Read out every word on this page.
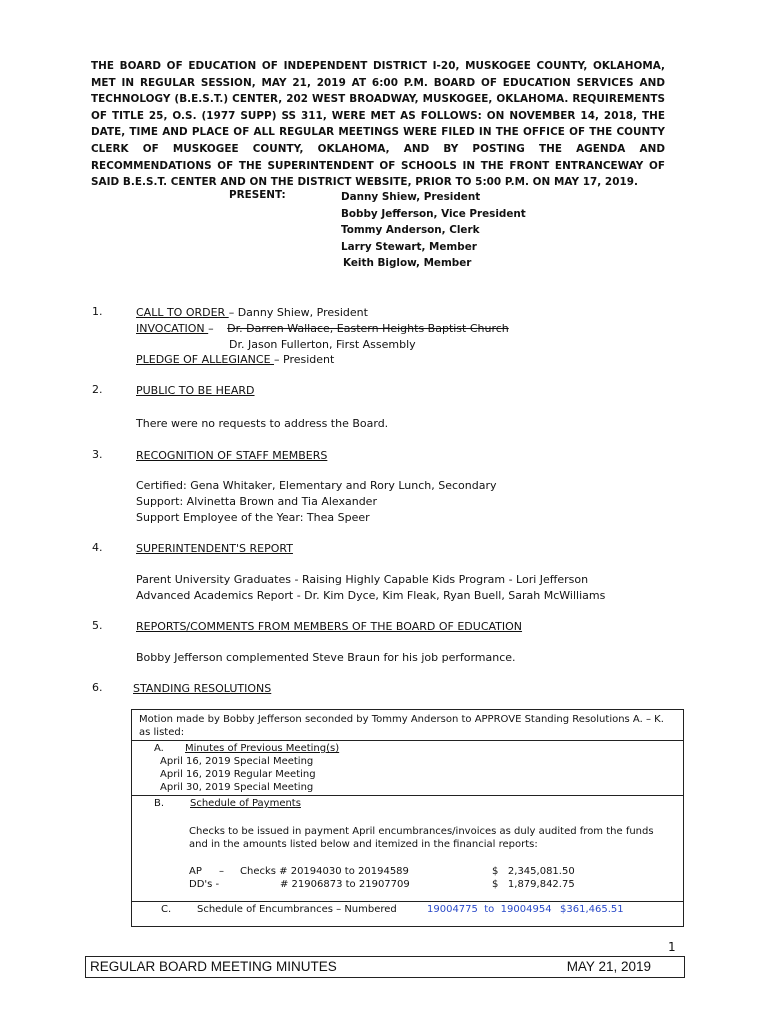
THE BOARD OF EDUCATION OF INDEPENDENT DISTRICT I-20, MUSKOGEE COUNTY, OKLAHOMA, MET IN REGULAR SESSION, MAY 21, 2019 AT 6:00 P.M. BOARD OF EDUCATION SERVICES AND TECHNOLOGY (B.E.S.T.) CENTER, 202 WEST BROADWAY, MUSKOGEE, OKLAHOMA. REQUIREMENTS OF TITLE 25, O.S. (1977 SUPP) SS 311, WERE MET AS FOLLOWS: ON NOVEMBER 14, 2018, THE DATE, TIME AND PLACE OF ALL REGULAR MEETINGS WERE FILED IN THE OFFICE OF THE COUNTY CLERK OF MUSKOGEE COUNTY, OKLAHOMA, AND BY POSTING THE AGENDA AND RECOMMENDATIONS OF THE SUPERINTENDENT OF SCHOOLS IN THE FRONT ENTRANCEWAY OF SAID B.E.S.T. CENTER AND ON THE DISTRICT WEBSITE, PRIOR TO 5:00 P.M. ON MAY 17, 2019.
PRESENT:	Danny Shiew, President
Bobby Jefferson, Vice President
Tommy Anderson, Clerk
Larry Stewart, Member
Keith Biglow, Member
1.	CALL TO ORDER – Danny Shiew, President
INVOCATION – Dr. Darren Wallace, Eastern Heights Baptist Church
Dr. Jason Fullerton, First Assembly
PLEDGE OF ALLEGIANCE – President
2.	PUBLIC TO BE HEARD
There were no requests to address the Board.
3.	RECOGNITION OF STAFF MEMBERS
Certified: Gena Whitaker, Elementary and Rory Lunch, Secondary
Support: Alvinetta Brown and Tia Alexander
Support Employee of the Year: Thea Speer
4.	SUPERINTENDENT'S REPORT
Parent University Graduates - Raising Highly Capable Kids Program - Lori Jefferson
Advanced Academics Report - Dr. Kim Dyce, Kim Fleak, Ryan Buell, Sarah McWilliams
5.	REPORTS/COMMENTS FROM MEMBERS OF THE BOARD OF EDUCATION
Bobby Jefferson complemented Steve Braun for his job performance.
6.	STANDING RESOLUTIONS
Motion made by Bobby Jefferson seconded by Tommy Anderson to APPROVE Standing Resolutions A. – K.
as listed:
A. Minutes of Previous Meeting(s)
April 16, 2019 Special Meeting
April 16, 2019 Regular Meeting
April 30, 2019 Special Meeting
B.	Schedule of Payments
Checks to be issued in payment April encumbrances/invoices as duly audited from the funds
and in the amounts listed below and itemized in the financial reports:
AP – Checks # 20194030 to 20194589	$   2,345,081.50
DD's -	# 21906873 to 21907709	$   1,879,842.75
C.	Schedule of Encumbrances – Numbered	19004775  to  19004954 $361,465.51
1
REGULAR BOARD MEETING MINUTES	MAY 21, 2019
